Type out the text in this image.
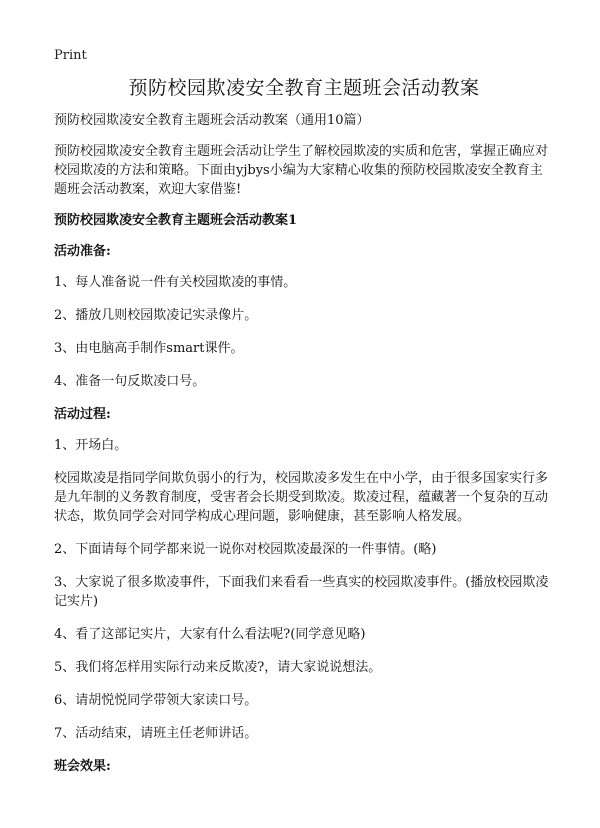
Print
预防校园欺凌安全教育主题班会活动教案
预防校园欺凌安全教育主题班会活动教案（通用10篇）
预防校园欺凌安全教育主题班会活动让学生了解校园欺凌的实质和危害，掌握正确应对校园欺凌的方法和策略。下面由yjbys小编为大家精心收集的预防校园欺凌安全教育主题班会活动教案，欢迎大家借鉴!
预防校园欺凌安全教育主题班会活动教案1
活动准备:
1、每人准备说一件有关校园欺凌的事情。
2、播放几则校园欺凌记实录像片。
3、由电脑高手制作smart课件。
4、准备一句反欺凌口号。
活动过程:
1、开场白。
校园欺凌是指同学间欺负弱小的行为，校园欺凌多发生在中小学，由于很多国家实行多是九年制的义务教育制度，受害者会长期受到欺凌。欺凌过程，蕴藏著一个复杂的互动状态，欺负同学会对同学构成心理问题，影响健康，甚至影响人格发展。
2、下面请每个同学都来说一说你对校园欺凌最深的一件事情。(略)
3、大家说了很多欺凌事件，下面我们来看看一些真实的校园欺凌事件。(播放校园欺凌记实片)
4、看了这部记实片，大家有什么看法呢?(同学意见略)
5、我们将怎样用实际行动来反欺凌?，请大家说说想法。
6、请胡悦悦同学带领大家读口号。
7、活动结束，请班主任老师讲话。
班会效果:
